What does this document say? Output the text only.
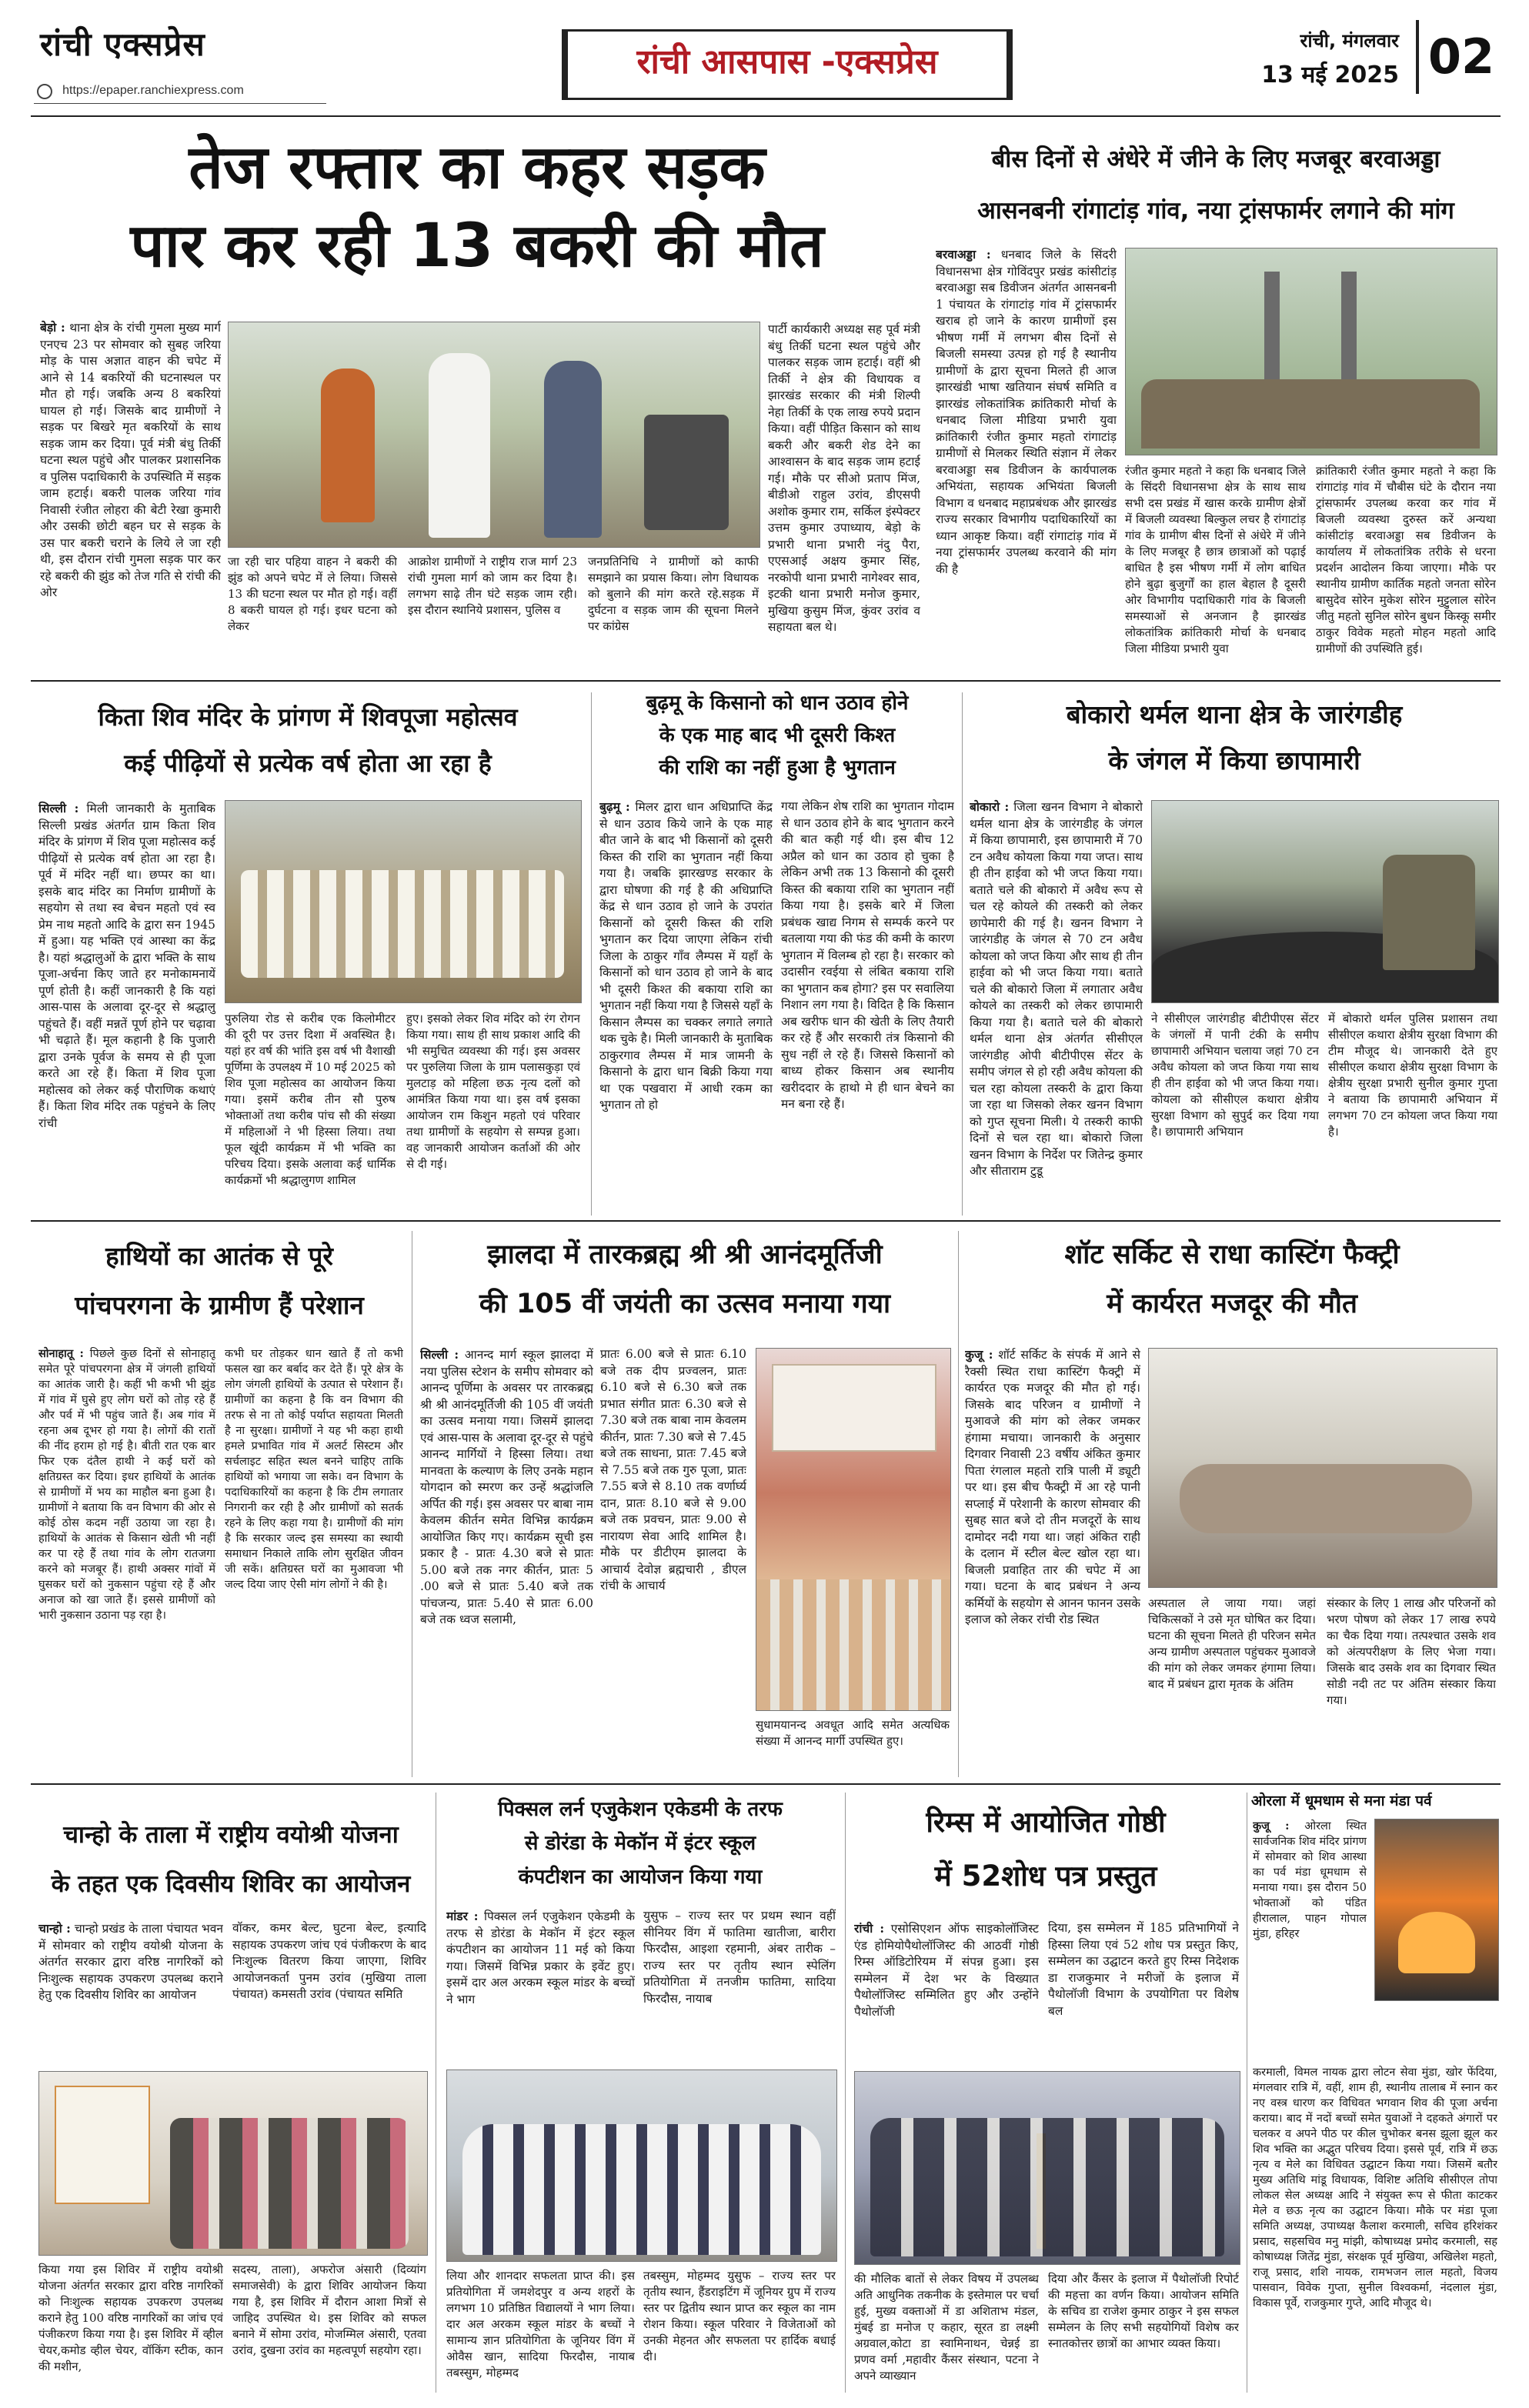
रांची एक्सप्रेस
https://epaper.ranchiexpress.com
रांची आसपास -एक्सप्रेस
रांची, मंगलवार
13 मई 2025 02
तेज रफ्तार का कहर सड़क
पार कर रही 13 बकरी की मौत
बेड़ो : थाना क्षेत्र के रांची गुमला मुख्य मार्ग एनएच 23 पर सोमवार को सुबह जरिया मोड़ के पास अज्ञात वाहन की चपेट में आने से 14 बकरियों की घटनास्थल पर मौत हो गई। जबकि अन्य 8 बकरियां घायल हो गई। जिसके बाद ग्रामीणों ने सड़क पर बिखरे मृत बकरियों के साथ सड़क जाम कर दिया। पूर्व मंत्री बंधु तिर्की घटना स्थल पहुंचे और पालकर प्रशासनिक व पुलिस पदाधिकारी के उपस्थिति में सड़क जाम हटाई। बकरी पालक जरिया गांव निवासी रंजीत लोहरा की बेटी रेखा कुमारी और उसकी छोटी बहन घर से सड़क के उस पार बकरी चराने के लिये ले जा रही थी, इस दौरान रांची गुमला सड़क पार कर रहे बकरी की झुंड को तेज गति से रांची की ओर
जा रही चार पहिया वाहन ने बकरी की झुंड को अपने चपेट में ले लिया। जिससे 13 की घटना स्थल पर मौत हो गई। वहीं 8 बकरी घायल हो गई। इधर घटना को लेकर
आक्रोश ग्रामीणों ने राष्ट्रीय राज मार्ग 23 रांची गुमला मार्ग को जाम कर दिया है। लगभग साढ़े तीन घंटे सड़क जाम रही। इस दौरान स्थानिये प्रशासन, पुलिस व
जनप्रतिनिधि ने ग्रामीणों को काफी समझाने का प्रयास किया। लोग विधायक को बुलाने की मांग करते रहे.सड़क में दुर्घटना व सड़क जाम की सूचना मिलने पर कांग्रेस
पार्टी कार्यकारी अध्यक्ष सह पूर्व मंत्री बंधु तिर्की घटना स्थल पहुंचे और पालकर सड़क जाम हटाई। वहीं श्री तिर्की ने क्षेत्र की विधायक व झारखंड सरकार की मंत्री शिल्पी नेहा तिर्की के एक लाख रुपये प्रदान किया। वहीं पीड़ित किसान को साथ बकरी और बकरी शेड देने का आश्वासन के बाद सड़क जाम हटाई गई। मौके पर सीओ प्रताप मिंज, बीडीओ राहुल उरांव, डीएसपी अशोक कुमार राम, सर्किल इंस्पेक्टर उत्तम कुमार उपाध्याय, बेड़ो के प्रभारी थाना प्रभारी नंदु पैरा, एएसआई अक्षय कुमार सिंह, नरकोपी थाना प्रभारी नागेश्वर साव, इटकी थाना प्रभारी मनोज कुमार, मुखिया कुसुम मिंज, कुंवर उरांव व सहायता बल थे।
बीस दिनों से अंधेरे में जीने के लिए मजबूर बरवाअड्डा
आसनबनी रांगाटांड़ गांव, नया ट्रांसफार्मर लगाने की मांग
बरवाअड्डा : धनबाद जिले के सिंदरी विधानसभा क्षेत्र गोविंदपुर प्रखंड कांसीटांड़ बरवाअड्डा सब डिवीजन अंतर्गत आसनबनी 1 पंचायत के रांगाटांड़ गांव में ट्रांसफार्मर खराब हो जाने के कारण ग्रामीणों इस भीषण गर्मी में लगभग बीस दिनों से बिजली समस्या उत्पन्न हो गई है स्थानीय ग्रामीणों के द्वारा सूचना मिलते ही आज झारखंडी भाषा खतियान संघर्ष समिति व झारखंड लोकतांत्रिक क्रांतिकारी मोर्चा के धनबाद जिला मीडिया प्रभारी युवा क्रांतिकारी रंजीत कुमार महतो रांगाटांड़ ग्रामीणों से मिलकर स्थिति संज्ञान में लेकर बरवाअड्डा सब डिवीजन के कार्यपालक अभियंता, सहायक अभियंता बिजली विभाग व धनबाद महाप्रबंधक और झारखंड राज्य सरकार विभागीय पदाधिकारियों का ध्यान आकृष्ट किया। वहीं रांगाटांड़ गांव में नया ट्रांसफार्मर उपलब्ध करवाने की मांग की है
रंजीत कुमार महतो ने कहा कि धनबाद जिले के सिंदरी विधानसभा क्षेत्र के साथ साथ सभी दस प्रखंड में खास करके ग्रामीण क्षेत्रों में बिजली व्यवस्था बिल्कुल लचर है रांगाटांड़ गांव के ग्रामीण बीस दिनों से अंधेरे में जीने के लिए मजबूर है छात्र छात्राओं को पढ़ाई बाधित है इस भीषण गर्मी में लोग बाधित होने बुढ़ा बुजुर्गों का हाल बेहाल है दूसरी ओर विभागीय पदाधिकारी गांव के बिजली समस्याओं से अनजान है झारखंड लोकतांत्रिक क्रांतिकारी मोर्चा के धनबाद जिला मीडिया प्रभारी युवा
क्रांतिकारी रंजीत कुमार महतो ने कहा कि रांगाटांड़ गांव में चौबीस घंटे के दौरान नया ट्रांसफार्मर उपलब्ध करवा कर गांव में बिजली व्यवस्था दुरुस्त करें अन्यथा कांसीटांड़ बरवाअड्डा सब डिवीजन के कार्यालय में लोकतांत्रिक तरीके से धरना प्रदर्शन आदोलन किया जाएगा। मौके पर स्थानीय ग्रामीण कार्तिक महतो जनता सोरेन बासुदेव सोरेन मुकेश सोरेन मुट्टुलाल सोरेन जीतु महतो सुनिल सोरेन बुधन किस्कू समीर ठाकुर विवेक महतो मोहन महतो आदि ग्रामीणों की उपस्थिति हुई।
किता शिव मंदिर के प्रांगण में शिवपूजा महोत्सव
कई पीढ़ियों से प्रत्येक वर्ष होता आ रहा है
सिल्ली : मिली जानकारी के मुताबिक सिल्ली प्रखंड अंतर्गत ग्राम किता शिव मंदिर के प्रांगण में शिव पूजा महोत्सव कई पीढ़ियों से प्रत्येक वर्ष होता आ रहा है। पूर्व में मंदिर नहीं था। छप्पर का था। इसके बाद मंदिर का निर्माण ग्रामीणों के सहयोग से तथा स्व बेचन महतो एवं स्व प्रेम नाथ महतो आदि के द्वारा सन 1945 में हुआ। यह भक्ति एवं आस्था का केंद्र है। यहां श्रद्धालुओं के द्वारा भक्ति के साथ पूजा-अर्चना किए जाते हर मनोकामनायें पूर्ण होती है। कहीं जानकारी है कि यहां आस-पास के अलावा दूर-दूर से श्रद्धालु पहुंचते हैं। वहीं मन्नतें पूर्ण होने पर चढ़ावा भी चढ़ाते हैं। मूल कहानी है कि पुजारी द्वारा उनके पूर्वज के समय से ही पूजा करते आ रहे हैं। किता में शिव पूजा महोत्सव को लेकर कई पौराणिक कथाएं हैं। किता शिव मंदिर तक पहुंचने के लिए रांची
पुरुलिया रोड से करीब एक किलोमीटर की दूरी पर उत्तर दिशा में अवस्थित है। यहां हर वर्ष की भांति इस वर्ष भी वैशाखी पूर्णिमा के उपलक्ष्य में 10 मई 2025 को शिव पूजा महोत्सव का आयोजन किया गया। इसमें करीब तीन सौ पुरुष भोक्ताओं तथा करीब पांच सौ की संख्या में महिलाओं ने भी हिस्सा लिया। तथा फूल खूंदी कार्यक्रम में भी भक्ति का परिचय दिया। इसके अलावा कई धार्मिक कार्यक्रमों भी श्रद्धालुगण शामिल
हुए। इसको लेकर शिव मंदिर को रंग रोगन किया गया। साथ ही साथ प्रकाश आदि की भी समुचित व्यवस्था की गई। इस अवसर पर पुरुलिया जिला के ग्राम पलासकुड़ा एवं मुलटाड़ को महिला छऊ नृत्य दलों को आमंत्रित किया गया था। इस वर्ष इसका आयोजन राम किशुन महतो एवं परिवार तथा ग्रामीणों के सहयोग से सम्पन्न हुआ। वह जानकारी आयोजन कर्ताओं की ओर से दी गई।
बुढ़मू के किसानो को धान उठाव होने
के एक माह बाद भी दूसरी किश्त
की राशि का नहीं हुआ है भुगतान
बुढ़मू : मिलर द्वारा धान अधिप्राप्ति केंद्र से धान उठाव किये जाने के एक माह बीत जाने के बाद भी किसानों को दूसरी किस्त की राशि का भुगतान नहीं किया गया है। जबकि झारखण्ड सरकार के द्वारा घोषणा की गई है की अधिप्राप्ति केंद्र से धान उठाव हो जाने के उपरांत किसानों को दूसरी किस्त की राशि भुगतान कर दिया जाएगा लेकिन रांची जिला के ठाकुर गाँव लैम्पस में यहाँ के किसानों को धान उठाव हो जाने के बाद भी दूसरी किश्त की बकाया राशि का भुगतान नहीं किया गया है जिससे यहाँ के किसान लैम्पस का चक्कर लगाते लगाते थक चुके है। मिली जानकारी के मुताबिक ठाकुरगाव लैम्पस में मात्र जामनी के किसानो के द्वारा धान बिक्री किया गया था एक पखवारा में आधी रकम का भुगतान तो हो
गया लेकिन शेष राशि का भुगतान गोदाम से धान उठाव होने के बाद भुगतान करने की बात कही गई थी। इस बीच 12 अप्रैल को धान का उठाव हो चुका है लेकिन अभी तक 13 किसानो की दूसरी किस्त की बकाया राशि का भुगतान नहीं किया गया है। इसके बारे में जिला प्रबंधक खाद्य निगम से सम्पर्क करने पर बतलाया गया की फंड की कमी के कारण भुगतान में विलम्ब हो रहा है। सरकार को उदासीन रवईया से लंबित बकाया राशि का भुगतान कब होगा? इस पर सवालिया निशान लग गया है। विदित है कि किसान अब खरीफ धान की खेती के लिए तैयारी कर रहे हैं और सरकारी तंत्र किसानो की सुध नहीं ले रहे हैं। जिससे किसानों को बाध्य होकर किसान अब स्थानीय खरीददार के हाथो मे ही धान बेचने का मन बना रहे हैं।
बोकारो थर्मल थाना क्षेत्र के जारंगडीह
के जंगल में किया छापामारी
बोकारो : जिला खनन विभाग ने बोकारो थर्मल थाना क्षेत्र के जारंगडीह के जंगल में किया छापामारी, इस छापामारी में 70 टन अवैध कोयला किया गया जप्त। साथ ही तीन हाईवा को भी जप्त किया गया। बताते चले की बोकारो में अवैध रूप से चल रहे कोयले की तस्करी को लेकर छापेमारी की गई है। खनन विभाग ने जारंगडीह के जंगल से 70 टन अवैध कोयला को जप्त किया और साथ ही तीन हाईवा को भी जप्त किया गया। बताते चले की बोकारो जिला में लगातार अवैध कोयले का तस्करी को लेकर छापामारी किया गया है। बताते चले की बोकारो थर्मल थाना क्षेत्र अंतर्गत सीसीएल जारंगडीह ओपी बीटीपीएस सेंटर के समीप जंगल से हो रही अवैध कोयला की चल रहा कोयला तस्करी के द्वारा किया जा रहा था जिसको लेकर खनन विभाग को गुप्त सूचना मिली। ये तस्करी काफी दिनों से चल रहा था। बोकारो जिला खनन विभाग के निर्देश पर जितेन्द्र कुमार और सीताराम टुडू
ने सीसीएल जारंगडीह बीटीपीएस सेंटर के जंगलों में पानी टंकी के समीप छापामारी अभियान चलाया जहां 70 टन अवैध कोयला को जप्त किया गया साथ ही तीन हाईवा को भी जप्त किया गया। कोयला को सीसीएल कथारा क्षेत्रीय सुरक्षा विभाग को सुपुर्द कर दिया गया है। छापामारी अभियान
में बोकारो थर्मल पुलिस प्रशासन तथा सीसीएल कथारा क्षेत्रीय सुरक्षा विभाग की टीम मौजूद थे। जानकारी देते हुए सीसीएल कथारा क्षेत्रीय सुरक्षा विभाग के क्षेत्रीय सुरक्षा प्रभारी सुनील कुमार गुप्ता ने बताया कि छापामारी अभियान में लगभग 70 टन कोयला जप्त किया गया है।
हाथियों का आतंक से पूरे
पांचपरगना के ग्रामीण हैं परेशान
सोनाहातू : पिछले कुछ दिनों से सोनाहातू समेत पूरे पांचपरगना क्षेत्र में जंगली हाथियों का आतंक जारी है। कहीं भी कभी भी झुंड में गांव में घुसे हुए लोग घरों को तोड़ रहे हैं और पर्व में भी पहुंच जाते हैं। अब गांव में रहना अब दूभर हो गया है। लोगों की रातों की नींद हराम हो गई है। बीती रात एक बार फिर एक दंतैल हाथी ने कई घरों को क्षतिग्रस्त कर दिया। इधर हाथियों के आतंक से ग्रामीणों में भय का माहौल बना हुआ है। ग्रामीणों ने बताया कि वन विभाग की ओर से कोई ठोस कदम नहीं उठाया जा रहा है। हाथियों के आतंक से किसान खेती भी नहीं कर पा रहे हैं तथा गांव के लोग रातजगा करने को मजबूर हैं। हाथी अक्सर गांवों में घुसकर घरों को नुकसान पहुंचा रहे हैं और अनाज को खा जाते हैं। इससे ग्रामीणों को भारी नुकसान उठाना पड़ रहा है।
कभी घर तोड़कर धान खाते हैं तो कभी फसल खा कर बर्बाद कर देते हैं। पूरे क्षेत्र के लोग जंगली हाथियों के उत्पात से परेशान हैं। ग्रामीणों का कहना है कि वन विभाग की तरफ से ना तो कोई पर्याप्त सहायता मिलती है ना सुरक्षा। ग्रामीणों ने यह भी कहा हाथी हमले प्रभावित गांव में अलर्ट सिस्टम और सर्चलाइट सहित स्थल बनने चाहिए ताकि हाथियों को भगाया जा सके। वन विभाग के पदाधिकारियों का कहना है कि टीम लगातार निगरानी कर रही है और ग्रामीणों को सतर्क रहने के लिए कहा गया है। ग्रामीणों की मांग है कि सरकार जल्द इस समस्या का स्थायी समाधान निकाले ताकि लोग सुरक्षित जीवन जी सकें। क्षतिग्रस्त घरों का मुआवजा भी जल्द दिया जाए ऐसी मांग लोगों ने की है।
झालदा में तारकब्रह्म श्री श्री आनंदमूर्तिजी
की 105 वीं जयंती का उत्सव मनाया गया
सिल्ली : आनन्द मार्ग स्कूल झालदा में नया पुलिस स्टेशन के समीप सोमवार को आनन्द पूर्णिमा के अवसर पर तारकब्रह्म श्री श्री आनंदमूर्तिजी की 105 वीं जयंती का उत्सव मनाया गया। जिसमें झालदा एवं आस-पास के अलावा दूर-दूर से पहुंचे आनन्द मार्गियों ने हिस्सा लिया। तथा मानवता के कल्याण के लिए उनके महान योगदान को स्मरण कर उन्हें श्रद्धांजलि अर्पित की गई। इस अवसर पर बाबा नाम केवलम कीर्तन समेत विभिन्न कार्यक्रम आयोजित किए गए। कार्यक्रम सूची इस प्रकार है - प्रातः 4.30 बजे से प्रातः 5.00 बजे तक नगर कीर्तन, प्रातः 5 .00 बजे से प्रातः 5.40 बजे तक पांचजन्य, प्रातः 5.40 से प्रातः 6.00 बजे तक ध्वज सलामी,
प्रातः 6.00 बजे से प्रातः 6.10 बजे तक दीप प्रज्वलन, प्रातः 6.10 बजे से 6.30 बजे तक प्रभात संगीत प्रातः 6.30 बजे से 7.30 बजे तक बाबा नाम केवलम कीर्तन, प्रातः 7.30 बजे से 7.45 बजे तक साधना, प्रातः 7.45 बजे से 7.55 बजे तक गुरु पूजा, प्रातः 7.55 बजे से 8.10 तक वर्णार्घ्य दान, प्रातः 8.10 बजे से 9.00 बजे तक प्रवचन, प्रातः 9.00 से नारायण सेवा आदि शामिल है। मौके पर डीटीएम झालदा के आचार्य देवोज्ञ ब्रह्मचारी , डीएल रांची के आचार्य
सुधामयानन्द अवधूत आदि समेत अत्यधिक संख्या में आनन्द मार्गी उपस्थित हुए।
शॉट सर्किट से राधा कास्टिंग फैक्ट्री
में कार्यरत मजदूर की मौत
कुजू : शॉर्ट सर्किट के संपर्क में आने से रैक्सी स्थित राधा कास्टिंग फैक्ट्री में कार्यरत एक मजदूर की मौत हो गई। जिसके बाद परिजन व ग्रामीणों ने मुआवजे की मांग को लेकर जमकर हंगामा मचाया। जानकारी के अनुसार दिगवार निवासी 23 वर्षीय अंकित कुमार पिता रंगलाल महतो रात्रि पाली में ड्यूटी पर था। इस बीच फैक्ट्री में आ रहे पानी सप्लाई में परेशानी के कारण सोमवार की सुबह सात बजे दो तीन मजदूरों के साथ दामोदर नदी गया था। जहां अंकित राही के दलान में स्टील बेल्ट खोल रहा था। बिजली प्रवाहित तार की चपेट में आ गया। घटना के बाद प्रबंधन ने अन्य कर्मियों के सहयोग से आनन फानन उसके इलाज को लेकर रांची रोड स्थित
अस्पताल ले जाया गया। जहां चिकित्सकों ने उसे मृत घोषित कर दिया। घटना की सूचना मिलते ही परिजन समेत अन्य ग्रामीण अस्पताल पहुंचकर मुआवजे की मांग को लेकर जमकर हंगामा लिया। बाद में प्रबंधन द्वारा मृतक के अंतिम
संस्कार के लिए 1 लाख और परिजनों को भरण पोषण को लेकर 17 लाख रुपये का चैक दिया गया। तत्पश्चात उसके शव को अंत्यपरीक्षण के लिए भेजा गया। जिसके बाद उसके शव का दिगवार स्थित सोडी नदी तट पर अंतिम संस्कार किया गया।
चान्हो के ताला में राष्ट्रीय वयोश्री योजना
के तहत एक दिवसीय शिविर का आयोजन
चान्हो : चान्हो प्रखंड के ताला पंचायत भवन में सोमवार को राष्ट्रीय वयोश्री योजना के अंतर्गत सरकार द्वारा वरिष्ठ नागरिकों को निःशुल्क सहायक उपकरण उपलब्ध कराने हेतु एक दिवसीय शिविर का आयोजन
वॉकर, कमर बेल्ट, घुटना बेल्ट, इत्यादि सहायक उपकरण जांच एवं पंजीकरण के बाद निःशुल्क वितरण किया जाएगा, शिविर आयोजनकर्ता पुनम उरांव (मुखिया ताला पंचायत) कमसती उरांव (पंचायत समिति
किया गया इस शिविर में राष्ट्रीय वयोश्री योजना अंतर्गत सरकार द्वारा वरिष्ठ नागरिकों को निःशुल्क सहायक उपकरण उपलब्ध कराने हेतु 100 वरिष्ठ नागरिकों का जांच एवं पंजीकरण किया गया है। इस शिविर में व्हील चेयर,कमोड व्हील चेयर, वॉकिंग स्टीक, कान की मशीन,
सदस्य, ताला), अफरोज अंसारी (दिव्यांग समाजसेवी) के द्वारा शिविर आयोजन किया गया है, इस शिविर में दौरान आशा मित्रों से जाहिद उपस्थित थे। इस शिविर को सफल बनाने में सोमा उरांव, मोजम्मिल अंसारी, एतवा उरांव, दुखना उरांव का महत्वपूर्ण सहयोग रहा।
पिक्सल लर्न एजुकेशन एकेडमी के तरफ
से डोरंडा के मेकॉन में इंटर स्कूल
कंपटीशन का आयोजन किया गया
मांडर : पिक्सल लर्न एजुकेशन एकेडमी के तरफ से डोरंडा के मेकॉन में इंटर स्कूल कंपटीशन का आयोजन 11 मई को किया गया। जिसमें विभिन्न प्रकार के इवेंट हुए। इसमें दार अल अरकम स्कूल मांडर के बच्चों ने भाग
युसुफ – राज्य स्तर पर प्रथम स्थान वहीं सीनियर विंग में फातिमा खातीजा, बारीरा फिरदौस, आइशा रहमानी, अंबर तारीक – राज्य स्तर पर तृतीय स्थान स्पेलिंग प्रतियोगिता में तनजीम फातिमा, सादिया फिरदौस, नायाब
लिया और शानदार सफलता प्राप्त की। इस प्रतियोगिता में जमशेदपुर व अन्य शहरों के लगभग 10 प्रतिष्ठित विद्यालयों ने भाग लिया। दार अल अरकम स्कूल मांडर के बच्चों ने सामान्य ज्ञान प्रतियोगिता के जूनियर विंग में ओवैस खान, सादिया फिरदौस, नायाब तबस्सुम, मोहम्मद
तबस्सुम, मोहम्मद युसुफ – राज्य स्तर पर तृतीय स्थान, हैंडराइटिंग में जूनियर ग्रुप में राज्य स्तर पर द्वितीय स्थान प्राप्त कर स्कूल का नाम रोशन किया। स्कूल परिवार ने विजेताओं को उनकी मेहनत और सफलता पर हार्दिक बधाई दी।
रिम्स में आयोजित गोष्ठी
में 52शोध पत्र प्रस्तुत
रांची : एसोसिएशन ऑफ साइकोलॉजिस्ट एंड होमियोपैथोलॉजिस्ट की आठवीं गोष्ठी रिम्स ऑडिटोरियम में संपन्न हुआ। इस सम्मेलन में देश भर के विख्यात पैथोलॉजिस्ट सम्मिलित हुए और उन्होंने पैथोलॉजी
दिया, इस सम्मेलन में 185 प्रतिभागियों ने हिस्सा लिया एवं 52 शोध पत्र प्रस्तुत किए, सम्मेलन का उद्घाटन करते हुए रिम्स निदेशक डा राजकुमार ने मरीजों के इलाज में पैथोलॉजी विभाग के उपयोगिता पर विशेष बल
की मौलिक बातों से लेकर विषय में उपलब्ध अति आधुनिक तकनीक के इस्तेमाल पर चर्चा हुई, मुख्य वक्ताओं में डा अशिताभ मंडल, मुंबई डा मनोज ए कहार, सूरत डा लक्ष्मी अग्रवाल,कोटा डा स्वामिनाथन, चेन्नई डा प्रणव वर्मा ,महावीर कैंसर संस्थान, पटना ने अपने व्याख्यान
दिया और कैंसर के इलाज में पैथोलॉजी रिपोर्ट की महत्ता का वर्णन किया। आयोजन समिति के सचिव डा राजेश कुमार ठाकुर ने इस सफल सम्मेलन के लिए सभी सहयोगियों विशेष कर स्नातकोत्तर छात्रों का आभार व्यक्त किया।
ओरला में धूमधाम से मना मंडा पर्व
कुजू : ओरला स्थित सार्वजनिक शिव मंदिर प्रांगण में सोमवार को शिव आस्था का पर्व मंडा धूमधाम से मनाया गया। इस दौरान 50 भोक्ताओं को पंडित हीरालाल, पाहन गोपाल मुंडा, हरिहर
करमाली, विमल नायक द्वारा लोटन सेवा मुंडा, खोर फेंदिया, मंगलवार रात्रि में, वहीं, शाम ही, स्थानीय तालाब में स्नान कर नए वस्त्र धारण कर विधिवत भगवान शिव की पूजा अर्चना कराया। बाद में नदों बच्चों समेत युवाओं ने दहकते अंगारों पर चलकर व अपने पीठ पर कील चुभोकर बनस झूला झूल कर शिव भक्ति का अद्भुत परिचय दिया। इससे पूर्व, रात्रि में छऊ नृत्य व मेले का विधिवत उद्घाटन किया गया। जिसमें बतौर मुख्य अतिथि मांडू विधायक, विशिष्ट अतिथि सीसीएल तोपा लोकल सेल अध्यक्ष आदि ने संयुक्त रूप से फीता काटकर मेले व छऊ नृत्य का उद्घाटन किया। मौके पर मंडा पूजा समिति अध्यक्ष, उपाध्यक्ष कैलाश करमाली, सचिव हरिशंकर प्रसाद, सहसचिव मनु मांझी, कोषाध्यक्ष प्रमोद करमाली, सह कोषाध्यक्ष जितेंद्र मुंडा, संरक्षक पूर्व मुखिया, अखिलेश महतो, राजू प्रसाद, शशि नायक, रामभजन लाल महतो, विजय पासवान, विवेक गुप्ता, सुनील विश्वकर्मा, नंदलाल मुंडा, विकास पूर्वे, राजकुमार गुप्ते, आदि मौजूद थे।
